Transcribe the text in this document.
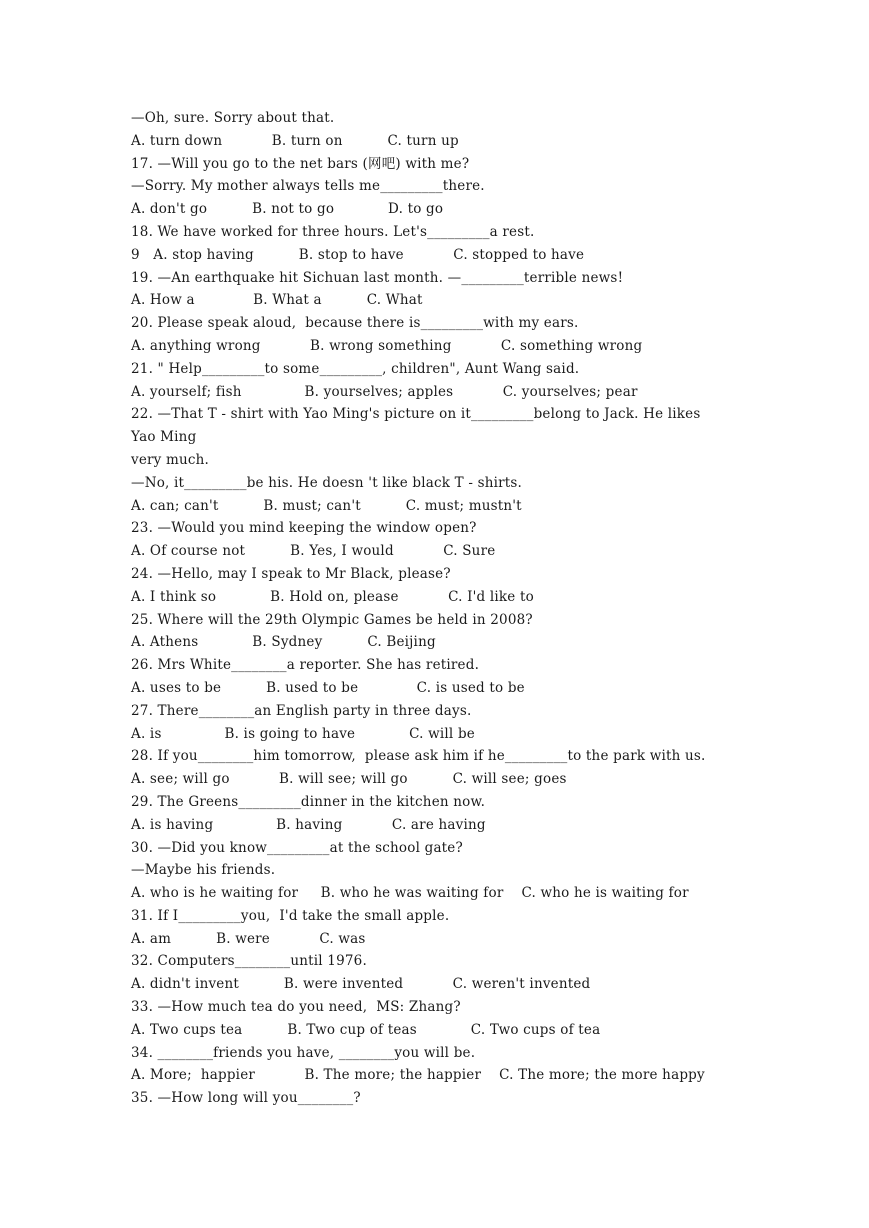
—Oh, sure. Sorry about that.
A. turn down           B. turn on          C. turn up
17. —Will you go to the net bars (网吧) with me?
—Sorry. My mother always tells me_________there.
A. don't go          B. not to go            D. to go
18. We have worked for three hours. Let's_________a rest.
9   A. stop having          B. stop to have           C. stopped to have
19. —An earthquake hit Sichuan last month. —_________terrible news!
A. How a             B. What a          C. What
20. Please speak aloud,  because there is_________with my ears.
A. anything wrong           B. wrong something           C. something wrong
21. " Help_________to some_________, children", Aunt Wang said.
A. yourself; fish              B. yourselves; apples           C. yourselves; pear
22. —That T - shirt with Yao Ming's picture on it_________belong to Jack. He likes
Yao Ming
very much.
—No, it_________be his. He doesn 't like black T - shirts.
A. can; can't          B. must; can't          C. must; mustn't
23. —Would you mind keeping the window open?
A. Of course not          B. Yes, I would           C. Sure
24. —Hello, may I speak to Mr Black, please?
A. I think so            B. Hold on, please           C. I'd like to
25. Where will the 29th Olympic Games be held in 2008?
A. Athens            B. Sydney          C. Beijing
26. Mrs White________a reporter. She has retired.
A. uses to be          B. used to be             C. is used to be
27. There________an English party in three days.
A. is              B. is going to have            C. will be
28. If you________him tomorrow,  please ask him if he_________to the park with us.
A. see; will go           B. will see; will go          C. will see; goes
29. The Greens_________dinner in the kitchen now.
A. is having              B. having           C. are having
30. —Did you know_________at the school gate?
—Maybe his friends.
A. who is he waiting for     B. who he was waiting for    C. who he is waiting for
31. If I_________you,  I'd take the small apple.
A. am          B. were           C. was
32. Computers________until 1976.
A. didn't invent          B. were invented           C. weren't invented
33. —How much tea do you need,  MS: Zhang?
A. Two cups tea          B. Two cup of teas            C. Two cups of tea
34. ________friends you have, ________you will be.
A. More;  happier           B. The more; the happier    C. The more; the more happy
35. —How long will you________?
